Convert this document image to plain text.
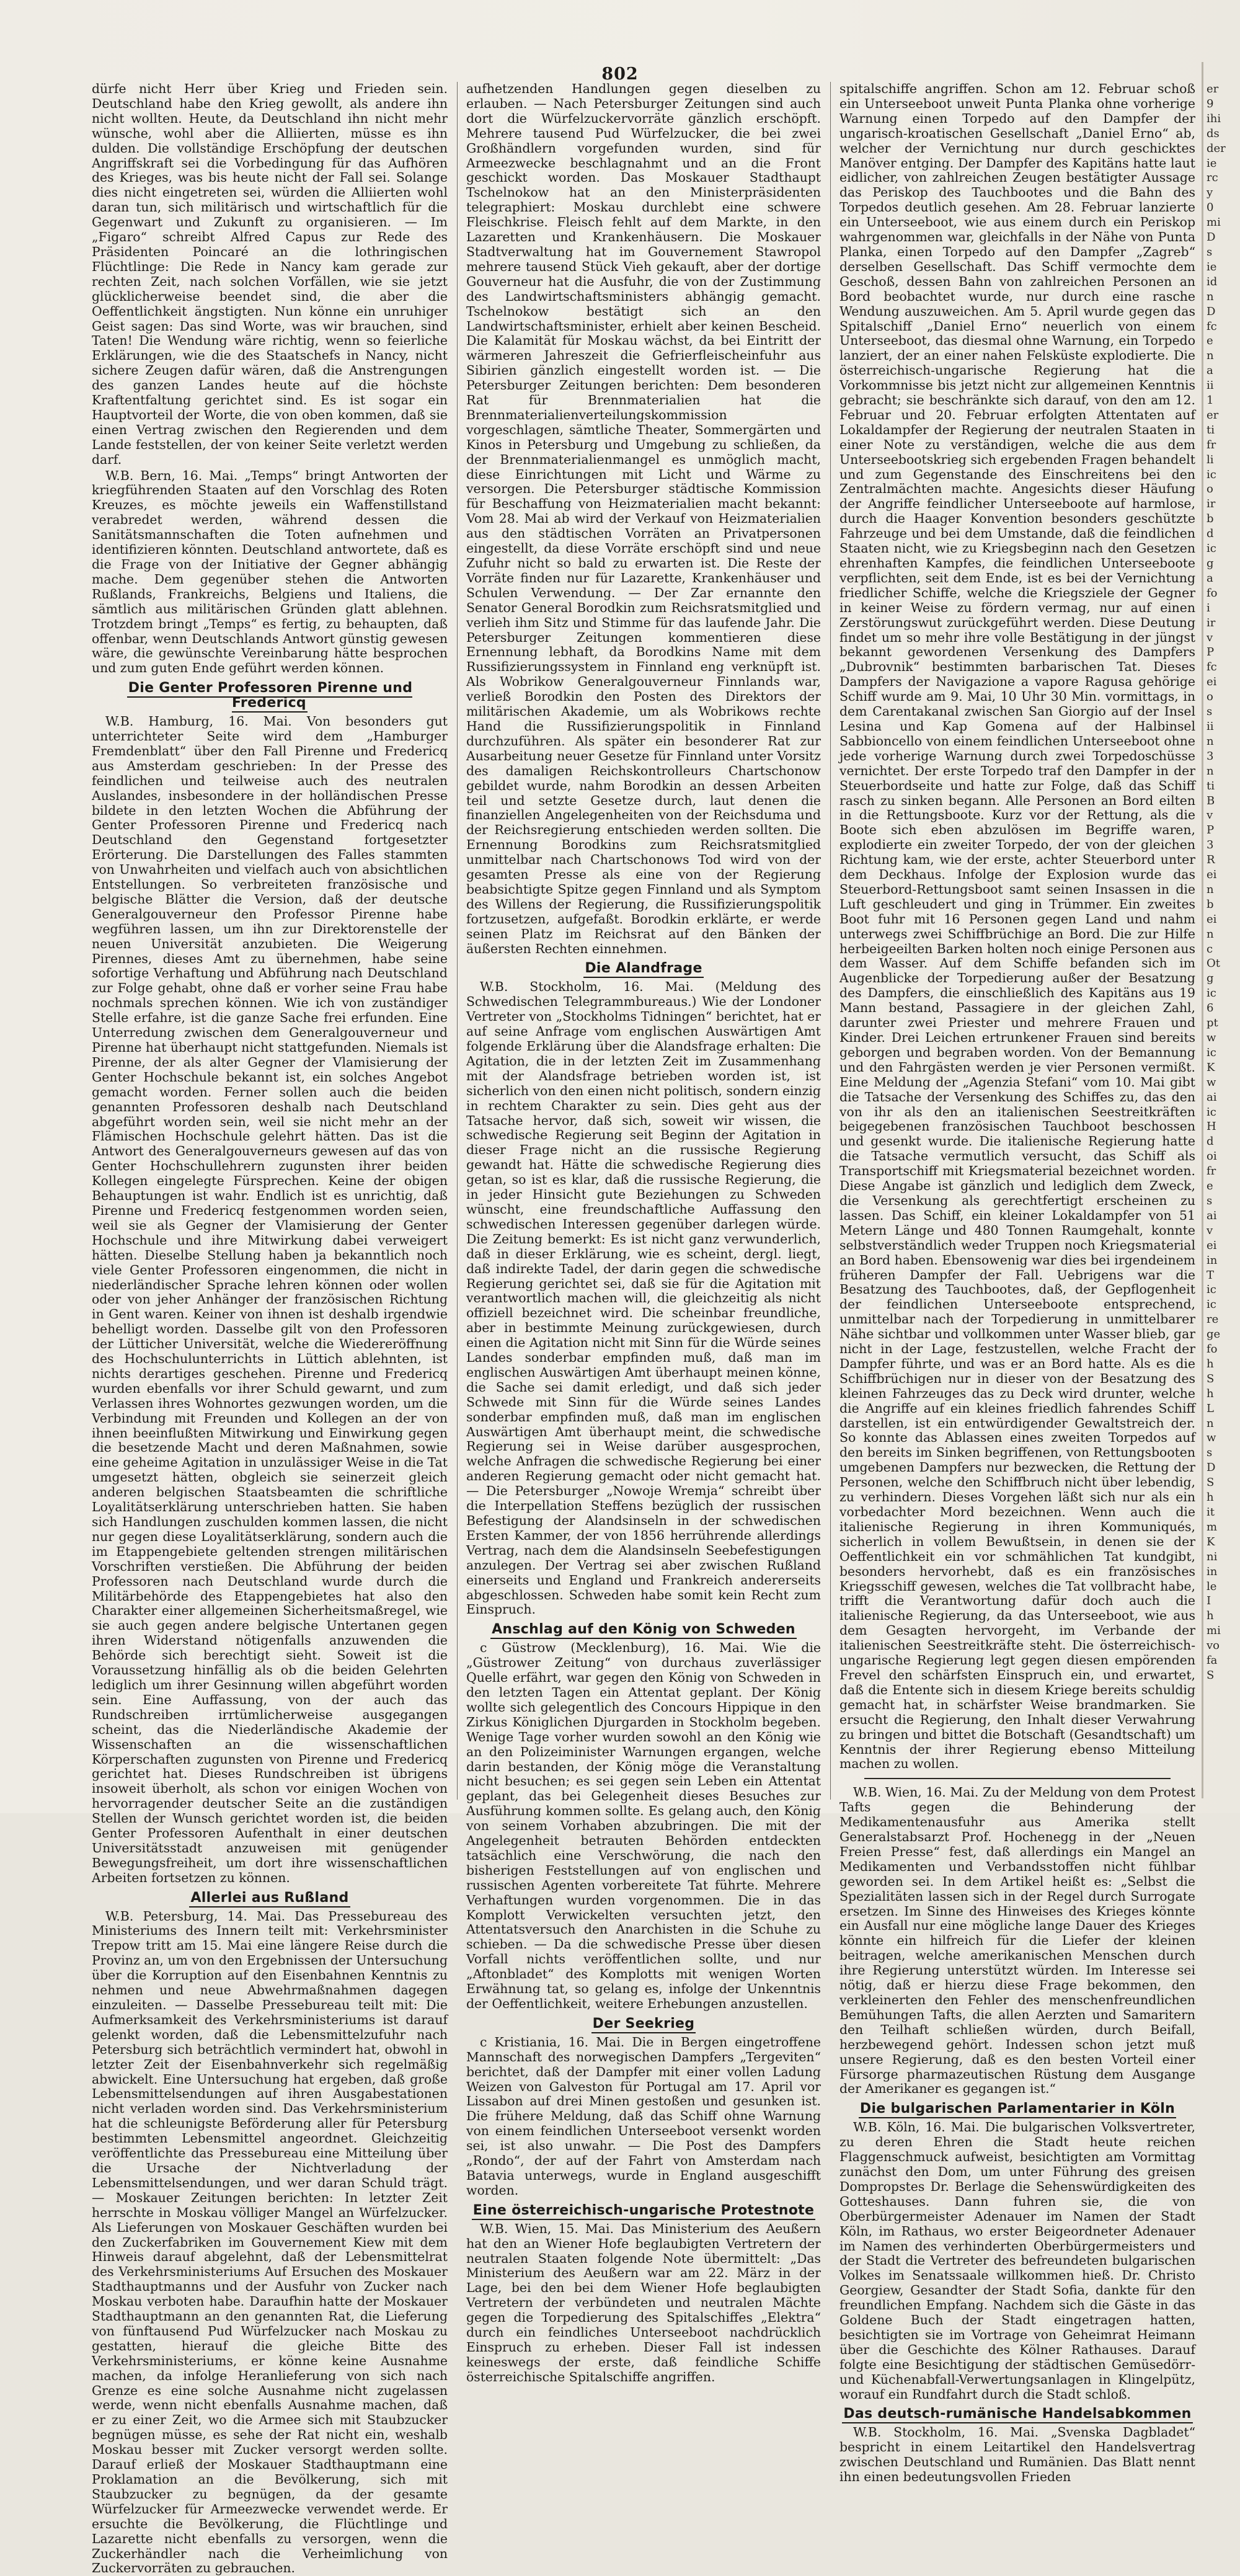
802

dürfe nicht Herr über Krieg und Frieden sein. Deutschland habe den Krieg gewollt, als andere ihn nicht wollten. Heute, da Deutschland ihn nicht mehr wünsche, wohl aber die Alliierten, müsse es ihn dulden. Die vollständige Erschöpfung der deutschen Angriffskraft sei die Vorbedingung für das Aufhören des Krieges, was bis heute nicht der Fall sei. Solange dies nicht eingetreten sei, würden die Alliierten wohl daran tun, sich militärisch und wirtschaftlich für die Gegenwart und Zukunft zu organisieren. — Im „Figaro“ schreibt Alfred Capus zur Rede des Präsidenten Poincaré an die lothringischen Flüchtlinge: Die Rede in Nancy kam gerade zur rechten Zeit, nach solchen Vorfällen, wie sie jetzt glücklicherweise beendet sind, die aber die Oeffentlichkeit ängstigten. Nun könne ein unruhiger Geist sagen: Das sind Worte, was wir brauchen, sind Taten! Die Wendung wäre richtig, wenn so feierliche Erklärungen, wie die des Staatschefs in Nancy, nicht sichere Zeugen dafür wären, daß die Anstrengungen des ganzen Landes heute auf die höchste Kraftentfaltung gerichtet sind. Es ist sogar ein Hauptvorteil der Worte, die von oben kommen, daß sie einen Vertrag zwischen den Regierenden und dem Lande feststellen, der von keiner Seite verletzt werden darf.

W.B. Bern, 16. Mai. „Temps“ bringt Antworten der kriegführenden Staaten auf den Vorschlag des Roten Kreuzes, es möchte jeweils ein Waffenstillstand verabredet werden, während dessen die Sanitätsmannschaften die Toten aufnehmen und identifizieren könnten. Deutschland antwortete, daß es die Frage von der Initiative der Gegner abhängig mache. Dem gegenüber stehen die Antworten Rußlands, Frankreichs, Belgiens und Italiens, die sämtlich aus militärischen Gründen glatt ablehnen. Trotzdem bringt „Temps“ es fertig, zu behaupten, daß offenbar, wenn Deutschlands Antwort günstig gewesen wäre, die gewünschte Vereinbarung hätte besprochen und zum guten Ende geführt werden können.

Die Genter Professoren Pirenne und Fredericq

W.B. Hamburg, 16. Mai. Von besonders gut unterrichteter Seite wird dem „Hamburger Fremdenblatt“ über den Fall Pirenne und Fredericq aus Amsterdam geschrieben: In der Presse des feindlichen und teilweise auch des neutralen Auslandes, insbesondere in der holländischen Presse bildete in den letzten Wochen die Abführung der Genter Professoren Pirenne und Fredericq nach Deutschland den Gegenstand fortgesetzter Erörterung. Die Darstellungen des Falles stammten von Unwahrheiten und vielfach auch von absichtlichen Entstellungen. So verbreiteten französische und belgische Blätter die Version, daß der deutsche Generalgouverneur den Professor Pirenne habe wegführen lassen, um ihn zur Direktorenstelle der neuen Universität anzubieten. Die Weigerung Pirennes, dieses Amt zu übernehmen, habe seine sofortige Verhaftung und Abführung nach Deutschland zur Folge gehabt, ohne daß er vorher seine Frau habe nochmals sprechen können. Wie ich von zuständiger Stelle erfahre, ist die ganze Sache frei erfunden. Eine Unterredung zwischen dem Generalgouverneur und Pirenne hat überhaupt nicht stattgefunden. Niemals ist Pirenne, der als alter Gegner der Vlamisierung der Genter Hochschule bekannt ist, ein solches Angebot gemacht worden. Ferner sollen auch die beiden genannten Professoren deshalb nach Deutschland abgeführt worden sein, weil sie nicht mehr an der Flämischen Hochschule gelehrt hätten. Das ist die Antwort des Generalgouverneurs gewesen auf das von Genter Hochschullehrern zugunsten ihrer beiden Kollegen eingelegte Fürsprechen. Keine der obigen Behauptungen ist wahr. Endlich ist es unrichtig, daß Pirenne und Fredericq festgenommen worden seien, weil sie als Gegner der Vlamisierung der Genter Hochschule und ihre Mitwirkung dabei verweigert hätten. Dieselbe Stellung haben ja bekanntlich noch viele Genter Professoren eingenommen, die nicht in niederländischer Sprache lehren können oder wollen oder von jeher Anhänger der französischen Richtung in Gent waren. Keiner von ihnen ist deshalb irgendwie behelligt worden. Dasselbe gilt von den Professoren der Lütticher Universität, welche die Wiedereröffnung des Hochschulunterrichts in Lüttich ablehnten, ist nichts derartiges geschehen. Pirenne und Fredericq wurden ebenfalls vor ihrer Schuld gewarnt, und zum Verlassen ihres Wohnortes gezwungen worden, um die Verbindung mit Freunden und Kollegen an der von ihnen beeinflußten Mitwirkung und Einwirkung gegen die besetzende Macht und deren Maßnahmen, sowie eine geheime Agitation in unzulässiger Weise in die Tat umgesetzt hätten, obgleich sie seinerzeit gleich anderen belgischen Staatsbeamten die schriftliche Loyalitätserklärung unterschrieben hatten. Sie haben sich Handlungen zuschulden kommen lassen, die nicht nur gegen diese Loyalitätserklärung, sondern auch die im Etappengebiete geltenden strengen militärischen Vorschriften verstießen. Die Abführung der beiden Professoren nach Deutschland wurde durch die Militärbehörde des Etappengebietes hat also den Charakter einer allgemeinen Sicherheitsmaßregel, wie sie auch gegen andere belgische Untertanen gegen ihren Widerstand nötigenfalls anzuwenden die Behörde sich berechtigt sieht. Soweit ist die Voraussetzung hinfällig als ob die beiden Gelehrten lediglich um ihrer Gesinnung willen abgeführt worden sein. Eine Auffassung, von der auch das Rundschreiben irrtümlicherweise ausgegangen scheint, das die Niederländische Akademie der Wissenschaften an die wissenschaftlichen Körperschaften zugunsten von Pirenne und Fredericq gerichtet hat. Dieses Rundschreiben ist übrigens insoweit überholt, als schon vor einigen Wochen von hervorragender deutscher Seite an die zuständigen Stellen der Wunsch gerichtet worden ist, die beiden Genter Professoren Aufenthalt in einer deutschen Universitätsstadt anzuweisen mit genügender Bewegungsfreiheit, um dort ihre wissenschaftlichen Arbeiten fortsetzen zu können.

Allerlei aus Rußland

W.B. Petersburg, 14. Mai. Das Pressebureau des Ministeriums des Innern teilt mit: Verkehrsminister Trepow tritt am 15. Mai eine längere Reise durch die Provinz an, um von den Ergebnissen der Untersuchung über die Korruption auf den Eisenbahnen Kenntnis zu nehmen und neue Abwehrmaßnahmen dagegen einzuleiten. — Dasselbe Pressebureau teilt mit: Die Aufmerksamkeit des Verkehrsministeriums ist darauf gelenkt worden, daß die Lebensmittelzufuhr nach Petersburg sich beträchtlich vermindert hat, obwohl in letzter Zeit der Eisenbahnverkehr sich regelmäßig abwickelt. Eine Untersuchung hat ergeben, daß große Lebensmittelsendungen auf ihren Ausgabestationen nicht verladen worden sind. Das Verkehrsministerium hat die schleunigste Beförderung aller für Petersburg bestimmten Lebensmittel angeordnet. Gleichzeitig veröffentlichte das Pressebureau eine Mitteilung über die Ursache der Nichtverladung der Lebensmittelsendungen, und wer daran Schuld trägt. — Moskauer Zeitungen berichten: In letzter Zeit herrschte in Moskau völliger Mangel an Würfelzucker. Als Lieferungen von Moskauer Geschäften wurden bei den Zuckerfabriken im Gouvernement Kiew mit dem Hinweis darauf abgelehnt, daß der Lebensmittelrat des Verkehrsministeriums Auf Ersuchen des Moskauer Stadthauptmanns und der Ausfuhr von Zucker nach Moskau verboten habe. Daraufhin hatte der Moskauer Stadthauptmann an den genannten Rat, die Lieferung von fünftausend Pud Würfelzucker nach Moskau zu gestatten, hierauf die gleiche Bitte des Verkehrsministeriums, er könne keine Ausnahme machen, da infolge Heranlieferung von sich nach Grenze es eine solche Ausnahme nicht zugelassen werde, wenn nicht ebenfalls Ausnahme machen, daß er zu einer Zeit, wo die Armee sich mit Staubzucker begnügen müsse, es sehe der Rat nicht ein, weshalb Moskau besser mit Zucker versorgt werden sollte. Darauf erließ der Moskauer Stadthauptmann eine Proklamation an die Bevölkerung, sich mit Staubzucker zu begnügen, da der gesamte Würfelzucker für Armeezwecke verwendet werde. Er ersuchte die Bevölkerung, die Flüchtlinge und Lazarette nicht ebenfalls zu versorgen, wenn die Zuckerhändler nach die Verheimlichung von Zuckervorräten zu gebrauchen.

aufhetzenden Handlungen gegen dieselben zu erlauben. — Nach Petersburger Zeitungen sind auch dort die Würfelzuckervorräte gänzlich erschöpft. Mehrere tausend Pud Würfelzucker, die bei zwei Großhändlern vorgefunden wurden, sind für Armeezwecke beschlagnahmt und an die Front geschickt worden. Das Moskauer Stadthaupt Tschelnokow hat an den Ministerpräsidenten telegraphiert: Moskau durchlebt eine schwere Fleischkrise. Fleisch fehlt auf dem Markte, in den Lazaretten und Krankenhäusern. Die Moskauer Stadtverwaltung hat im Gouvernement Stawropol mehrere tausend Stück Vieh gekauft, aber der dortige Gouverneur hat die Ausfuhr, die von der Zustimmung des Landwirtschaftsministers abhängig gemacht. Tschelnokow bestätigt sich an den Landwirtschaftsminister, erhielt aber keinen Bescheid. Die Kalamität für Moskau wächst, da bei Eintritt der wärmeren Jahreszeit die Gefrierfleischeinfuhr aus Sibirien gänzlich eingestellt worden ist. — Die Petersburger Zeitungen berichten: Dem besonderen Rat für Brennmaterialien hat die Brennmaterialienverteilungskommission vorgeschlagen, sämtliche Theater, Sommergärten und Kinos in Petersburg und Umgebung zu schließen, da der Brennmaterialienmangel es unmöglich macht, diese Einrichtungen mit Licht und Wärme zu versorgen. Die Petersburger städtische Kommission für Beschaffung von Heizmaterialien macht bekannt: Vom 28. Mai ab wird der Verkauf von Heizmaterialien aus den städtischen Vorräten an Privatpersonen eingestellt, da diese Vorräte erschöpft sind und neue Zufuhr nicht so bald zu erwarten ist. Die Reste der Vorräte finden nur für Lazarette, Krankenhäuser und Schulen Verwendung. — Der Zar ernannte den Senator General Borodkin zum Reichsratsmitglied und verlieh ihm Sitz und Stimme für das laufende Jahr. Die Petersburger Zeitungen kommentieren diese Ernennung lebhaft, da Borodkins Name mit dem Russifizierungssystem in Finnland eng verknüpft ist. Als Wobrikow Generalgouverneur Finnlands war, verließ Borodkin den Posten des Direktors der militärischen Akademie, um als Wobrikows rechte Hand die Russifizierungspolitik in Finnland durchzuführen. Als später ein besonderer Rat zur Ausarbeitung neuer Gesetze für Finnland unter Vorsitz des damaligen Reichskontrolleurs Chartschonow gebildet wurde, nahm Borodkin an dessen Arbeiten teil und setzte Gesetze durch, laut denen die finanziellen Angelegenheiten von der Reichsduma und der Reichsregierung entschieden werden sollten. Die Ernennung Borodkins zum Reichsratsmitglied unmittelbar nach Chartschonows Tod wird von der gesamten Presse als eine von der Regierung beabsichtigte Spitze gegen Finnland und als Symptom des Willens der Regierung, die Russifizierungspolitik fortzusetzen, aufgefaßt. Borodkin erklärte, er werde seinen Platz im Reichsrat auf den Bänken der äußersten Rechten einnehmen.

Die Alandfrage

W.B. Stockholm, 16. Mai. (Meldung des Schwedischen Telegrammbureaus.) Wie der Londoner Vertreter von „Stockholms Tidningen“ berichtet, hat er auf seine Anfrage vom englischen Auswärtigen Amt folgende Erklärung über die Alandsfrage erhalten: Die Agitation, die in der letzten Zeit im Zusammenhang mit der Alandsfrage betrieben worden ist, ist sicherlich von den einen nicht politisch, sondern einzig in rechtem Charakter zu sein. Dies geht aus der Tatsache hervor, daß sich, soweit wir wissen, die schwedische Regierung seit Beginn der Agitation in dieser Frage nicht an die russische Regierung gewandt hat. Hätte die schwedische Regierung dies getan, so ist es klar, daß die russische Regierung, die in jeder Hinsicht gute Beziehungen zu Schweden wünscht, eine freundschaftliche Auffassung den schwedischen Interessen gegenüber darlegen würde. Die Zeitung bemerkt: Es ist nicht ganz verwunderlich, daß in dieser Erklärung, wie es scheint, dergl. liegt, daß indirekte Tadel, der darin gegen die schwedische Regierung gerichtet sei, daß sie für die Agitation mit verantwortlich machen will, die gleichzeitig als nicht offiziell bezeichnet wird. Die scheinbar freundliche, aber in bestimmte Meinung zurückgewiesen, durch einen die Agitation nicht mit Sinn für die Würde seines Landes sonderbar empfinden muß, daß man im englischen Auswärtigen Amt überhaupt meinen könne, die Sache sei damit erledigt, und daß sich jeder Schwede mit Sinn für die Würde seines Landes sonderbar empfinden muß, daß man im englischen Auswärtigen Amt überhaupt meint, die schwedische Regierung sei in Weise darüber ausgesprochen, welche Anfragen die schwedische Regierung bei einer anderen Regierung gemacht oder nicht gemacht hat. — Die Petersburger „Nowoje Wremja“ schreibt über die Interpellation Steffens bezüglich der russischen Befestigung der Alandsinseln in der schwedischen Ersten Kammer, der von 1856 herrührende allerdings Vertrag, nach dem die Alandsinseln Seebefestigungen anzulegen. Der Vertrag sei aber zwischen Rußland einerseits und England und Frankreich andererseits abgeschlossen. Schweden habe somit kein Recht zum Einspruch.

Anschlag auf den König von Schweden

c Güstrow (Mecklenburg), 16. Mai. Wie die „Güstrower Zeitung“ von durchaus zuverlässiger Quelle erfährt, war gegen den König von Schweden in den letzten Tagen ein Attentat geplant. Der König wollte sich gelegentlich des Concours Hippique in den Zirkus Königlichen Djurgarden in Stockholm begeben. Wenige Tage vorher wurden sowohl an den König wie an den Polizeiminister Warnungen ergangen, welche darin bestanden, der König möge die Veranstaltung nicht besuchen; es sei gegen sein Leben ein Attentat geplant, das bei Gelegenheit dieses Besuches zur Ausführung kommen sollte. Es gelang auch, den König von seinem Vorhaben abzubringen. Die mit der Angelegenheit betrauten Behörden entdeckten tatsächlich eine Verschwörung, die nach den bisherigen Feststellungen auf von englischen und russischen Agenten vorbereitete Tat führte. Mehrere Verhaftungen wurden vorgenommen. Die in das Komplott Verwickelten versuchten jetzt, den Attentatsversuch den Anarchisten in die Schuhe zu schieben. — Da die schwedische Presse über diesen Vorfall nichts veröffentlichen sollte, und nur „Aftonbladet“ des Komplotts mit wenigen Worten Erwähnung tat, so gelang es, infolge der Unkenntnis der Oeffentlichkeit, weitere Erhebungen anzustellen.

Der Seekrieg

c Kristiania, 16. Mai. Die in Bergen eingetroffene Mannschaft des norwegischen Dampfers „Tergeviten“ berichtet, daß der Dampfer mit einer vollen Ladung Weizen von Galveston für Portugal am 17. April vor Lissabon auf drei Minen gestoßen und gesunken ist. Die frühere Meldung, daß das Schiff ohne Warnung von einem feindlichen Unterseeboot versenkt worden sei, ist also unwahr. — Die Post des Dampfers „Rondo“, der auf der Fahrt von Amsterdam nach Batavia unterwegs, wurde in England ausgeschifft worden.

Eine österreichisch-ungarische Protestnote

W.B. Wien, 15. Mai. Das Ministerium des Aeußern hat den an Wiener Hofe beglaubigten Vertretern der neutralen Staaten folgende Note übermittelt: „Das Ministerium des Aeußern war am 22. März in der Lage, bei den bei dem Wiener Hofe beglaubigten Vertretern der verbündeten und neutralen Mächte gegen die Torpedierung des Spitalschiffes „Elektra“ durch ein feindliches Unterseeboot nachdrücklich Einspruch zu erheben. Dieser Fall ist indessen keineswegs der erste, daß feindliche Schiffe österreichische Spitalschiffe angriffen.

spitalschiffe angriffen. Schon am 12. Februar schoß ein Unterseeboot unweit Punta Planka ohne vorherige Warnung einen Torpedo auf den Dampfer der ungarisch-kroatischen Gesellschaft „Daniel Erno“ ab, welcher der Vernichtung nur durch geschicktes Manöver entging. Der Dampfer des Kapitäns hatte laut eidlicher, von zahlreichen Zeugen bestätigter Aussage das Periskop des Tauchbootes und die Bahn des Torpedos deutlich gesehen. Am 28. Februar lanzierte ein Unterseeboot, wie aus einem durch ein Periskop wahrgenommen war, gleichfalls in der Nähe von Punta Planka, einen Torpedo auf den Dampfer „Zagreb“ derselben Gesellschaft. Das Schiff vermochte dem Geschoß, dessen Bahn von zahlreichen Personen an Bord beobachtet wurde, nur durch eine rasche Wendung auszuweichen. Am 5. April wurde gegen das Spitalschiff „Daniel Erno“ neuerlich von einem Unterseeboot, das diesmal ohne Warnung, ein Torpedo lanziert, der an einer nahen Felsküste explodierte. Die österreichisch-ungarische Regierung hat die Vorkommnisse bis jetzt nicht zur allgemeinen Kenntnis gebracht; sie beschränkte sich darauf, von den am 12. Februar und 20. Februar erfolgten Attentaten auf Lokaldampfer der Regierung der neutralen Staaten in einer Note zu verständigen, welche die aus dem Unterseebootskrieg sich ergebenden Fragen behandelt und zum Gegenstande des Einschreitens bei den Zentralmächten machte. Angesichts dieser Häufung der Angriffe feindlicher Unterseeboote auf harmlose, durch die Haager Konvention besonders geschützte Fahrzeuge und bei dem Umstande, daß die feindlichen Staaten nicht, wie zu Kriegsbeginn nach den Gesetzen ehrenhaften Kampfes, die feindlichen Unterseeboote verpflichten, seit dem Ende, ist es bei der Vernichtung friedlicher Schiffe, welche die Kriegsziele der Gegner in keiner Weise zu fördern vermag, nur auf einen Zerstörungswut zurückgeführt werden. Diese Deutung findet um so mehr ihre volle Bestätigung in der jüngst bekannt gewordenen Versenkung des Dampfers „Dubrovnik“ bestimmten barbarischen Tat. Dieses Dampfers der Navigazione a vapore Ragusa gehörige Schiff wurde am 9. Mai, 10 Uhr 30 Min. vormittags, in dem Carentakanal zwischen San Giorgio auf der Insel Lesina und Kap Gomena auf der Halbinsel Sabbioncello von einem feindlichen Unterseeboot ohne jede vorherige Warnung durch zwei Torpedoschüsse vernichtet. Der erste Torpedo traf den Dampfer in der Steuerbordseite und hatte zur Folge, daß das Schiff rasch zu sinken begann. Alle Personen an Bord eilten in die Rettungsboote. Kurz vor der Rettung, als die Boote sich eben abzulösen im Begriffe waren, explodierte ein zweiter Torpedo, der von der gleichen Richtung kam, wie der erste, achter Steuerbord unter dem Deckhaus. Infolge der Explosion wurde das Steuerbord-Rettungsboot samt seinen Insassen in die Luft geschleudert und ging in Trümmer. Ein zweites Boot fuhr mit 16 Personen gegen Land und nahm unterwegs zwei Schiffbrüchige an Bord. Die zur Hilfe herbeigeeilten Barken holten noch einige Personen aus dem Wasser. Auf dem Schiffe befanden sich im Augenblicke der Torpedierung außer der Besatzung des Dampfers, die einschließlich des Kapitäns aus 19 Mann bestand, Passagiere in der gleichen Zahl, darunter zwei Priester und mehrere Frauen und Kinder. Drei Leichen ertrunkener Frauen sind bereits geborgen und begraben worden. Von der Bemannung und den Fahrgästen werden je vier Personen vermißt. Eine Meldung der „Agenzia Stefani“ vom 10. Mai gibt die Tatsache der Versenkung des Schiffes zu, das den von ihr als den an italienischen Seestreitkräften beigegebenen französischen Tauchboot beschossen und gesenkt wurde. Die italienische Regierung hatte die Tatsache vermutlich versucht, das Schiff als Transportschiff mit Kriegsmaterial bezeichnet worden. Diese Angabe ist gänzlich und lediglich dem Zweck, die Versenkung als gerechtfertigt erscheinen zu lassen. Das Schiff, ein kleiner Lokaldampfer von 51 Metern Länge und 480 Tonnen Raumgehalt, konnte selbstverständlich weder Truppen noch Kriegsmaterial an Bord haben. Ebensowenig war dies bei irgendeinem früheren Dampfer der Fall. Uebrigens war die Besatzung des Tauchbootes, daß, der Gepflogenheit der feindlichen Unterseeboote entsprechend, unmittelbar nach der Torpedierung in unmittelbarer Nähe sichtbar und vollkommen unter Wasser blieb, gar nicht in der Lage, festzustellen, welche Fracht der Dampfer führte, und was er an Bord hatte. Als es die Schiffbrüchigen nur in dieser von der Besatzung des kleinen Fahrzeuges das zu Deck wird drunter, welche die Angriffe auf ein kleines friedlich fahrendes Schiff darstellen, ist ein entwürdigender Gewaltstreich der. So konnte das Ablassen eines zweiten Torpedos auf den bereits im Sinken begriffenen, von Rettungsbooten umgebenen Dampfers nur bezwecken, die Rettung der Personen, welche den Schiffbruch nicht über lebendig, zu verhindern. Dieses Vorgehen läßt sich nur als ein vorbedachter Mord bezeichnen. Wenn auch die italienische Regierung in ihren Kommuniqués, sicherlich in vollem Bewußtsein, in denen sie der Oeffentlichkeit ein vor schmählichen Tat kundgibt, besonders hervorhebt, daß es ein französisches Kriegsschiff gewesen, welches die Tat vollbracht habe, trifft die Verantwortung dafür doch auch die italienische Regierung, da das Unterseeboot, wie aus dem Gesagten hervorgeht, im Verbande der italienischen Seestreitkräfte steht. Die österreichisch-ungarische Regierung legt gegen diesen empörenden Frevel den schärfsten Einspruch ein, und erwartet, daß die Entente sich in diesem Kriege bereits schuldig gemacht hat, in schärfster Weise brandmarken. Sie ersucht die Regierung, den Inhalt dieser Verwahrung zu bringen und bittet die Botschaft (Gesandtschaft) um Kenntnis der ihrer Regierung ebenso Mitteilung machen zu wollen.

W.B. Wien, 16. Mai. Zu der Meldung von dem Protest Tafts gegen die Behinderung der Medikamentenausfuhr aus Amerika stellt Generalstabsarzt Prof. Hochenegg in der „Neuen Freien Presse“ fest, daß allerdings ein Mangel an Medikamenten und Verbandsstoffen nicht fühlbar geworden sei. In dem Artikel heißt es: „Selbst die Spezialitäten lassen sich in der Regel durch Surrogate ersetzen. Im Sinne des Hinweises des Krieges könnte ein Ausfall nur eine mögliche lange Dauer des Krieges könnte ein hilfreich für die Liefer der kleinen beitragen, welche amerikanischen Menschen durch ihre Regierung unterstützt würden. Im Interesse sei nötig, daß er hierzu diese Frage bekommen, den verkleinerten den Fehler des menschenfreundlichen Bemühungen Tafts, die allen Aerzten und Samaritern den Teilhaft schließen würden, durch Beifall, herzbewegend gehört. Indessen schon jetzt muß unsere Regierung, daß es den besten Vorteil einer Fürsorge pharmazeutischen Rüstung dem Ausgange der Amerikaner es gegangen ist.“

Die bulgarischen Parlamentarier in Köln

W.B. Köln, 16. Mai. Die bulgarischen Volksvertreter, zu deren Ehren die Stadt heute reichen Flaggenschmuck aufweist, besichtigten am Vormittag zunächst den Dom, um unter Führung des greisen Dompropstes Dr. Berlage die Sehenswürdigkeiten des Gotteshauses. Dann fuhren sie, die von Oberbürgermeister Adenauer im Namen der Stadt Köln, im Rathaus, wo erster Beigeordneter Adenauer im Namen des verhinderten Oberbürgermeisters und der Stadt die Vertreter des befreundeten bulgarischen Volkes im Senatssaale willkommen hieß. Dr. Christo Georgiew, Gesandter der Stadt Sofia, dankte für den freundlichen Empfang. Nachdem sich die Gäste in das Goldene Buch der Stadt eingetragen hatten, besichtigten sie im Vortrage von Geheimrat Heimann über die Geschichte des Kölner Rathauses. Darauf folgte eine Besichtigung der städtischen Gemüsedörr- und Küchenabfall-Verwertungsanlagen in Klingelpütz, worauf ein Rundfahrt durch die Stadt schloß.

Das deutsch-rumänische Handelsabkommen

W.B. Stockholm, 16. Mai. „Svenska Dagbladet“ bespricht in einem Leitartikel den Handelsvertrag zwischen Deutschland und Rumänien. Das Blatt nennt ihn einen bedeutungsvollen Frieden

er
9
ihi
ds
der
ie
rc
y
0
mi
D
s
ie
id
n
D
fc
e
n
a
ii
1
er
ti
fr
li
ic
o
ir
b
d
ic
g
a
fo
i
ir
v
P
fc
ei
o
s
ii
n
3
n
ti
B
v
P
3
R
ei
n
b
ei
n
c
Ot
g
ic
6
pt
w
ic
K
w
ai
ic
H
d
oi
fr
e
s
ai
v
ei
in
T
ic
ic
re
ge
fo
h
S
h
L
n
w
s
D
S
h
it
m
K
ni
in
le
I
h
mi
vo
fa
S
